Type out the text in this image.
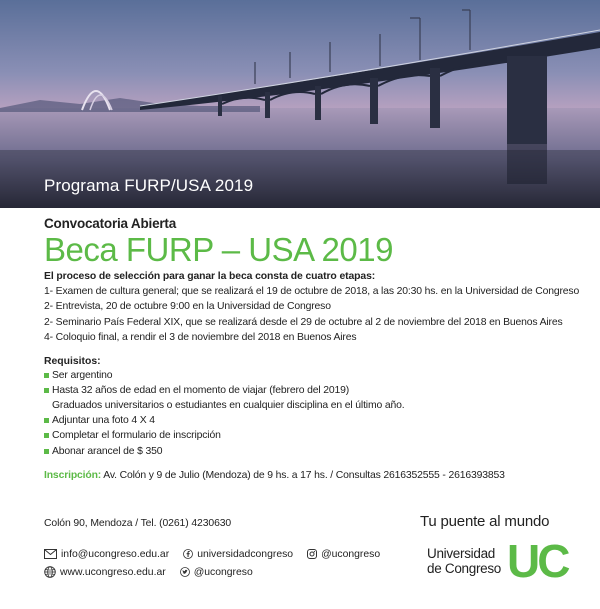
Programa FURP/USA 2019
Convocatoria Abierta
Beca FURP – USA 2019
El proceso de selección para ganar la beca consta de cuatro etapas:
1- Examen de cultura general; que se realizará el 19 de octubre de 2018, a las 20:30 hs. en la Universidad de Congreso
2- Entrevista, 20 de octubre 9:00 en la Universidad de Congreso
2- Seminario País Federal XIX, que se realizará desde el 29 de octubre al 2 de noviembre del 2018 en Buenos Aires
4- Coloquio final, a rendir el 3 de noviembre del 2018 en Buenos Aires
Requisitos:
Ser argentino
Hasta 32 años de edad en el momento de viajar (febrero del 2019)
Graduados universitarios o estudiantes en cualquier disciplina en el último año.
Adjuntar una foto 4 X 4
Completar el formulario de inscripción
Abonar arancel de $ 350
Inscripción: Av. Colón y 9 de Julio (Mendoza) de 9 hs. a 17 hs. / Consultas 2616352555 - 2616393853
Colón 90, Mendoza / Tel. (0261) 4230630
info@ucongreso.edu.ar	universidadcongreso	@ucongreso
www.ucongreso.edu.ar	@ucongreso
Tu puente al mundo
Universidad
de Congreso UC
